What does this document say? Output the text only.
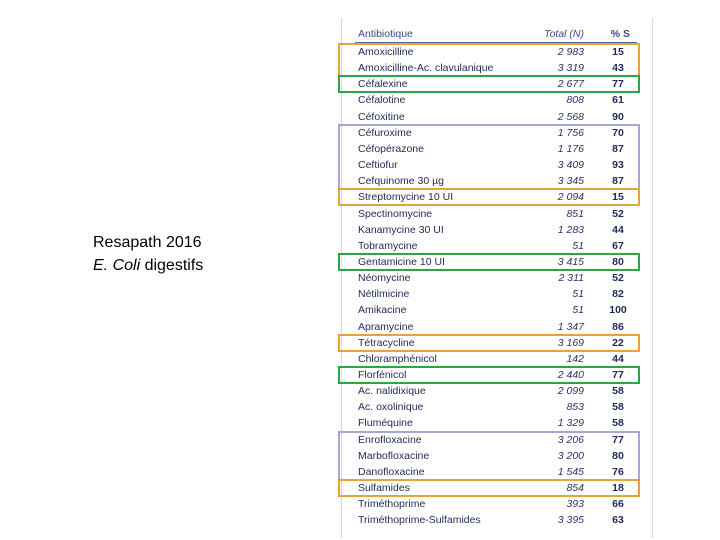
Resapath 2016
E. Coli digestifs
Antibiotique	Total (N)	% S
Amoxicilline	2 983	15
Amoxicilline-Ac. clavulanique	3 319	43
Céfalexine	2 677	77
Céfalotine	808	61
Céfoxitine	2 568	90
Céfuroxime	1 756	70
Céfopérazone	1 176	87
Ceftiofur	3 409	93
Cefquinome 30 µg	3 345	87
Streptomycine 10 UI	2 094	15
Spectinomycine	851	52
Kanamycine 30 UI	1 283	44
Tobramycine	51	67
Gentamicine 10 UI	3 415	80
Néomycine	2 311	52
Nétilmicine	51	82
Amikacine	51	100
Apramycine	1 347	86
Tétracycline	3 169	22
Chloramphénicol	142	44
Florfénicol	2 440	77
Ac. nalidixique	2 099	58
Ac. oxolinique	853	58
Fluméquine	1 329	58
Enrofloxacine	3 206	77
Marbofloxacine	3 200	80
Danofloxacine	1 545	76
Sulfamides	854	18
Triméthoprime	393	66
Triméthoprime-Sulfamides	3 395	63
